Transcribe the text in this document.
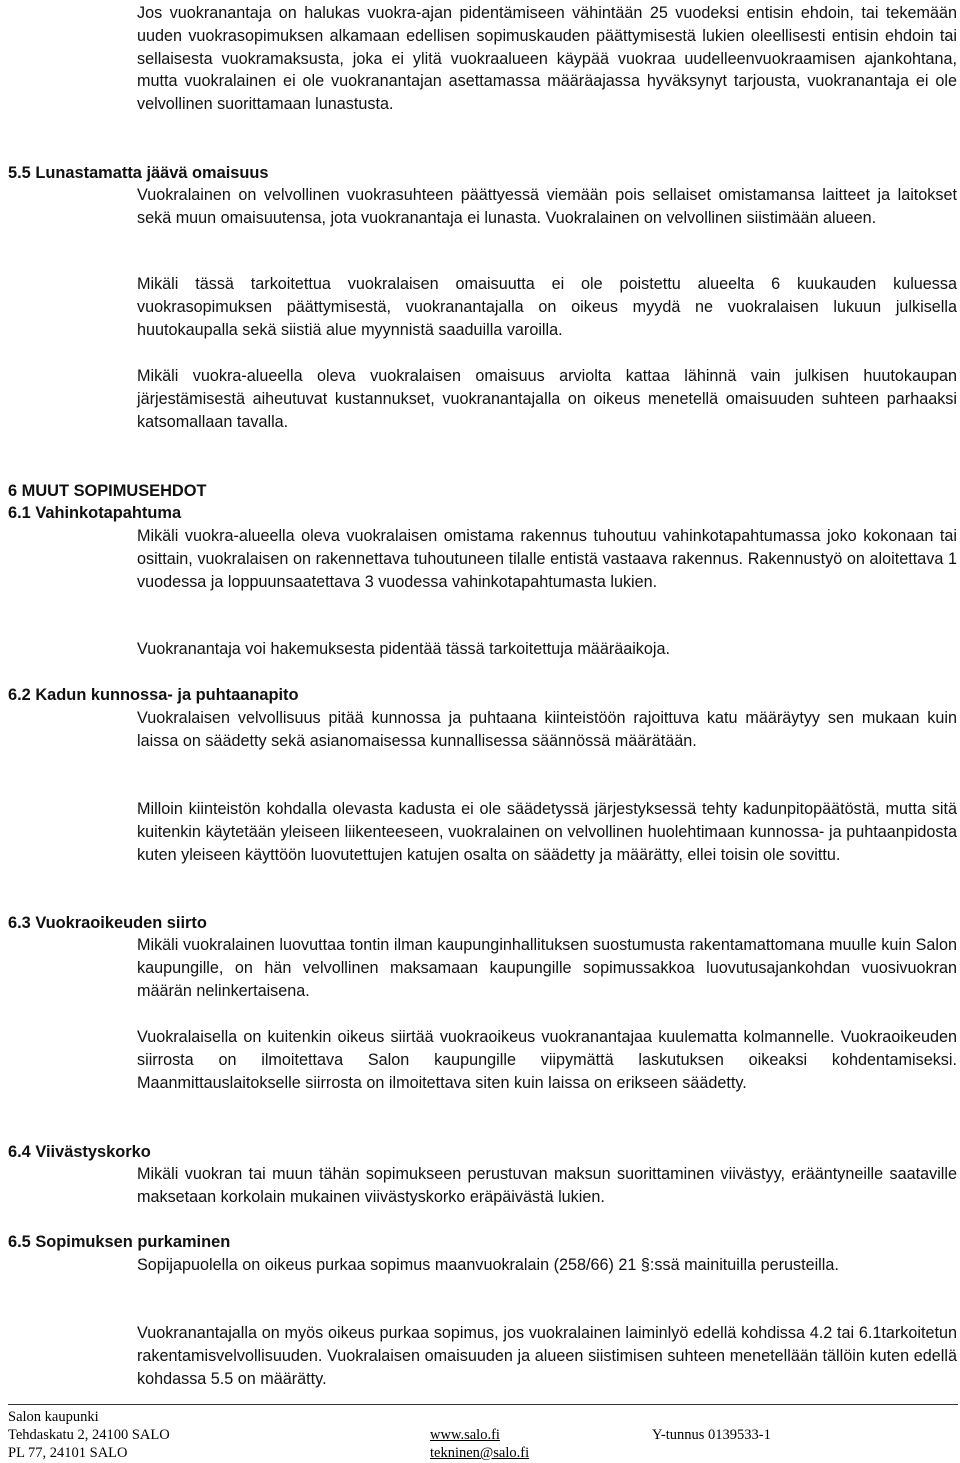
Jos vuokranantaja on halukas vuokra-ajan pidentämiseen vähintään 25 vuodeksi entisin ehdoin, tai tekemään uuden vuokrasopimuksen alkamaan edellisen sopimuskauden päättymisestä lukien oleellisesti entisin ehdoin tai sellaisesta vuokramaksusta, joka ei ylitä vuokraalueen käypää vuokraa uudelleenvuokraamisen ajankohtana, mutta vuokralainen ei ole vuokranantajan asettamassa määräajassa hyväksynyt tarjousta, vuokranantaja ei ole velvollinen suorittamaan lunastusta.

5.5 Lunastamatta jäävä omaisuus

Vuokralainen on velvollinen vuokrasuhteen päättyessä viemään pois sellaiset omistamansa laitteet ja laitokset sekä muun omaisuutensa, jota vuokranantaja ei lunasta. Vuokralainen on velvollinen siistimään alueen.

Mikäli tässä tarkoitettua vuokralaisen omaisuutta ei ole poistettu alueelta 6 kuukauden kuluessa vuokrasopimuksen päättymisestä, vuokranantajalla on oikeus myydä ne vuokralaisen lukuun julkisella huutokaupalla sekä siistiä alue myynnistä saaduilla varoilla.

Mikäli vuokra-alueella oleva vuokralaisen omaisuus arviolta kattaa lähinnä vain julkisen huutokaupan järjestämisestä aiheutuvat kustannukset, vuokranantajalla on oikeus menetellä omaisuuden suhteen parhaaksi katsomallaan tavalla.

6 MUUT SOPIMUSEHDOT

6.1 Vahinkotapahtuma

Mikäli vuokra-alueella oleva vuokralaisen omistama rakennus tuhoutuu vahinkotapahtumassa joko kokonaan tai osittain, vuokralaisen on rakennettava tuhoutuneen tilalle entistä vastaava rakennus. Rakennustyö on aloitettava 1 vuodessa ja loppuunsaatettava 3 vuodessa vahinkotapahtumasta lukien.

Vuokranantaja voi hakemuksesta pidentää tässä tarkoitettuja määräaikoja.

6.2 Kadun kunnossa- ja puhtaanapito

Vuokralaisen velvollisuus pitää kunnossa ja puhtaana kiinteistöön rajoittuva katu määräytyy sen mukaan kuin laissa on säädetty sekä asianomaisessa kunnallisessa säännössä määrätään.

Milloin kiinteistön kohdalla olevasta kadusta ei ole säädetyssä järjestyksessä tehty kadunpitopäätöstä, mutta sitä kuitenkin käytetään yleiseen liikenteeseen, vuokralainen on velvollinen huolehtimaan kunnossa- ja puhtaanpidosta kuten yleiseen käyttöön luovutettujen katujen osalta on säädetty ja määrätty, ellei toisin ole sovittu.

6.3 Vuokraoikeuden siirto

Mikäli vuokralainen luovuttaa tontin ilman kaupunginhallituksen suostumusta rakentamattomana muulle kuin Salon kaupungille, on hän velvollinen maksamaan kaupungille sopimussakkoa luovutusajankohdan vuosivuokran määrän nelinkertaisena.

Vuokralaisella on kuitenkin oikeus siirtää vuokraoikeus vuokranantajaa kuulematta kolmannelle. Vuokraoikeuden siirrosta on ilmoitettava Salon kaupungille viipymättä laskutuksen oikeaksi kohdentamiseksi. Maanmittauslaitokselle siirrosta on ilmoitettava siten kuin laissa on erikseen säädetty.

6.4 Viivästyskorko

Mikäli vuokran tai muun tähän sopimukseen perustuvan maksun suorittaminen viivästyy, erääntyneille saataville maksetaan korkolain mukainen viivästyskorko eräpäivästä lukien.

6.5 Sopimuksen purkaminen

Sopijapuolella on oikeus purkaa sopimus maanvuokralain (258/66) 21 §:ssä mainituilla perusteilla.

Vuokranantajalla on myös oikeus purkaa sopimus, jos vuokralainen laiminlyö edellä kohdissa 4.2 tai 6.1tarkoitetun rakentamisvelvollisuuden. Vuokralaisen omaisuuden ja alueen siistimisen suhteen menetellään tällöin kuten edellä kohdassa 5.5 on määrätty.

Salon kaupunki
Tehdaskatu 2, 24100 SALO
PL 77, 24101 SALO
www.salo.fi
tekninen@salo.fi
Y-tunnus 0139533-1
